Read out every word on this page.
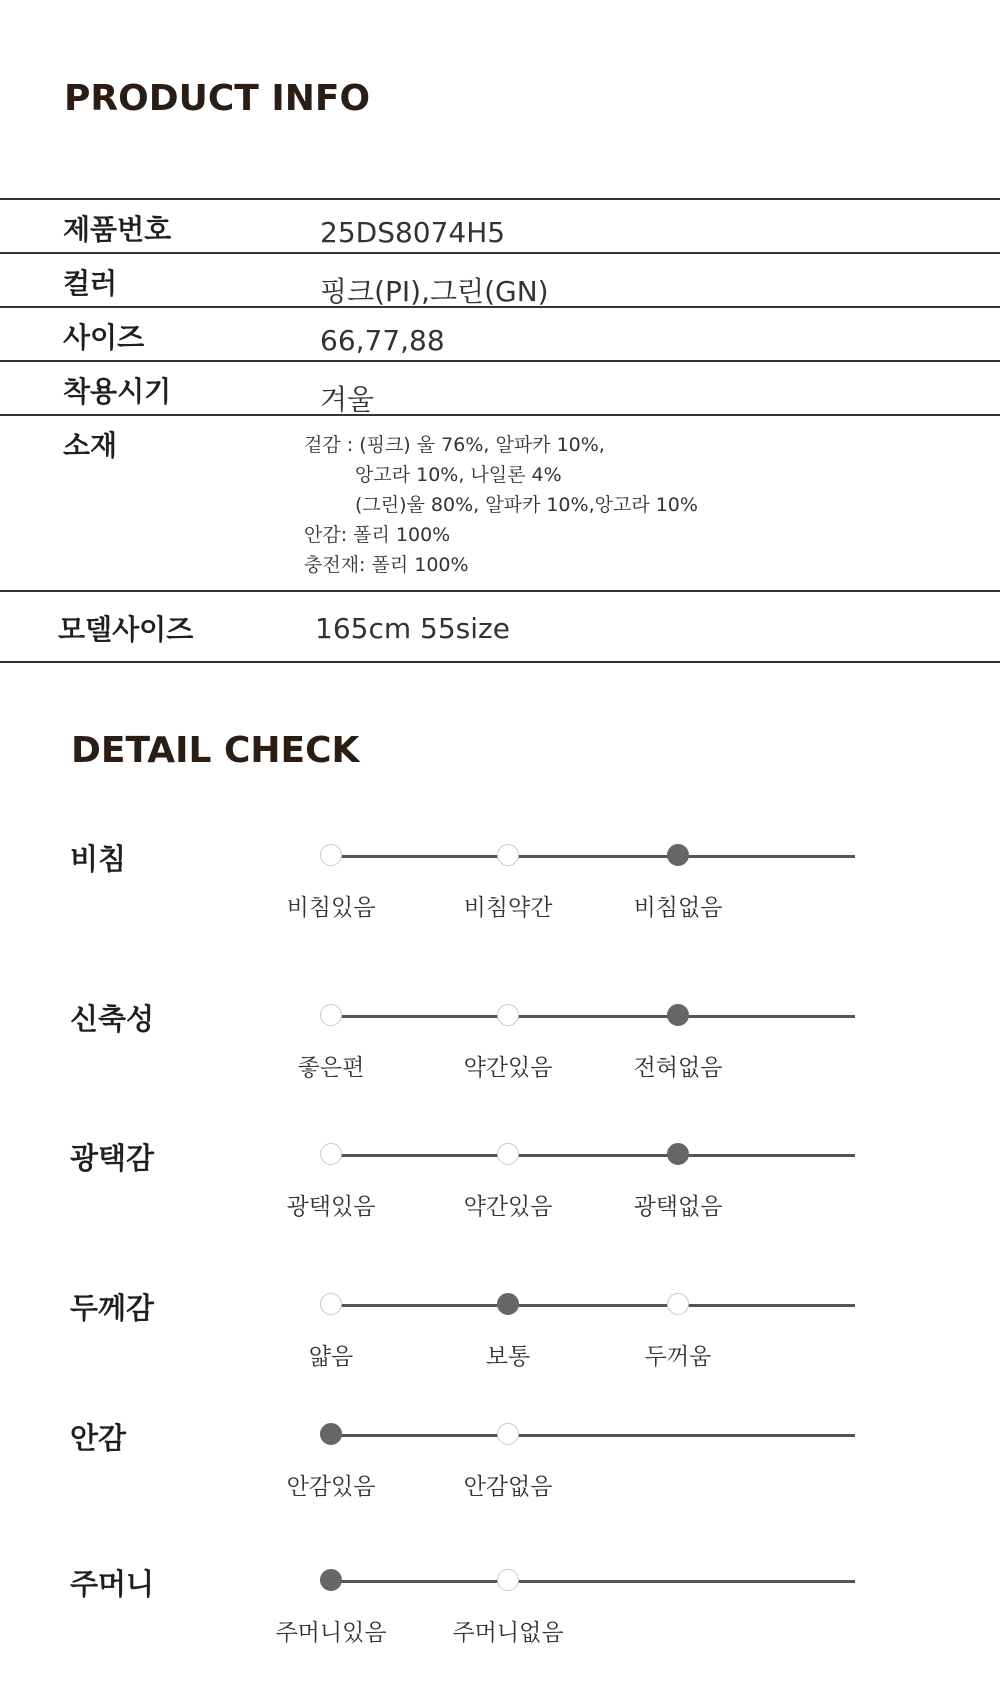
PRODUCT INFO
제품번호	25DS8074H5
컬러	핑크(PI),그린(GN)
사이즈	66,77,88
착용시기	겨울
소재	겉감 : (핑크) 울 76%, 알파카 10%,
앙고라 10%, 나일론 4%
(그린)울 80%, 알파카 10%,앙고라 10%
안감: 폴리 100%
충전재: 폴리 100%
모델사이즈	165cm 55size
DETAIL CHECK
비침
비침있음	비침약간	비침없음
신축성
좋은편	약간있음	전혀없음
광택감
광택있음	약간있음	광택없음
두께감
얇음	보통	두꺼움
안감
안감있음	안감없음
주머니
주머니있음	주머니없음
